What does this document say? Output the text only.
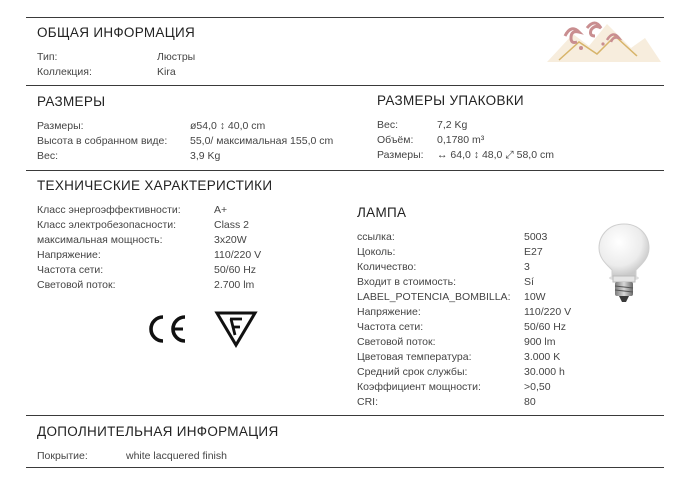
ОБЩАЯ ИНФОРМАЦИЯ
Тип:	Люстры
Коллекция:	Kira
РАЗМЕРЫ
Размеры:	ø54,0 ↕ 40,0 cm
Высота в собранном виде: 55,0/ максимальная 155,0 cm
Вес:	3,9 Kg
РАЗМЕРЫ УПАКОВКИ
Вес:	7,2 Kg
Объём: 0,1780 m³
Размеры: ↔ 64,0 ↕ 48,0 ⤢ 58,0 cm
ТЕХНИЧЕСКИЕ ХАРАКТЕРИСТИКИ
Класс энергоэффективности:	A+
Класс электробезопасности:	Class 2
максимальная мощность:	3x20W
Напряжение:	110/220 V
Частота сети:	50/60 Hz
Световой поток:	2.700 lm
ЛАМПА
ссылка:	5003
Цоколь:	E27
Количество:	3
Входит в стоимость:	Sí
LABEL_POTENCIA_BOMBILLA: 10W
Напряжение:	110/220 V
Частота сети:	50/60 Hz
Световой поток:	900 lm
Цветовая температура:	3.000 K
Средний срок службы:	30.000 h
Коэффициент мощности:	>0,50
CRI:	80
ДОПОЛНИТЕЛЬНАЯ ИНФОРМАЦИЯ
Покрытие:	white lacquered finish
